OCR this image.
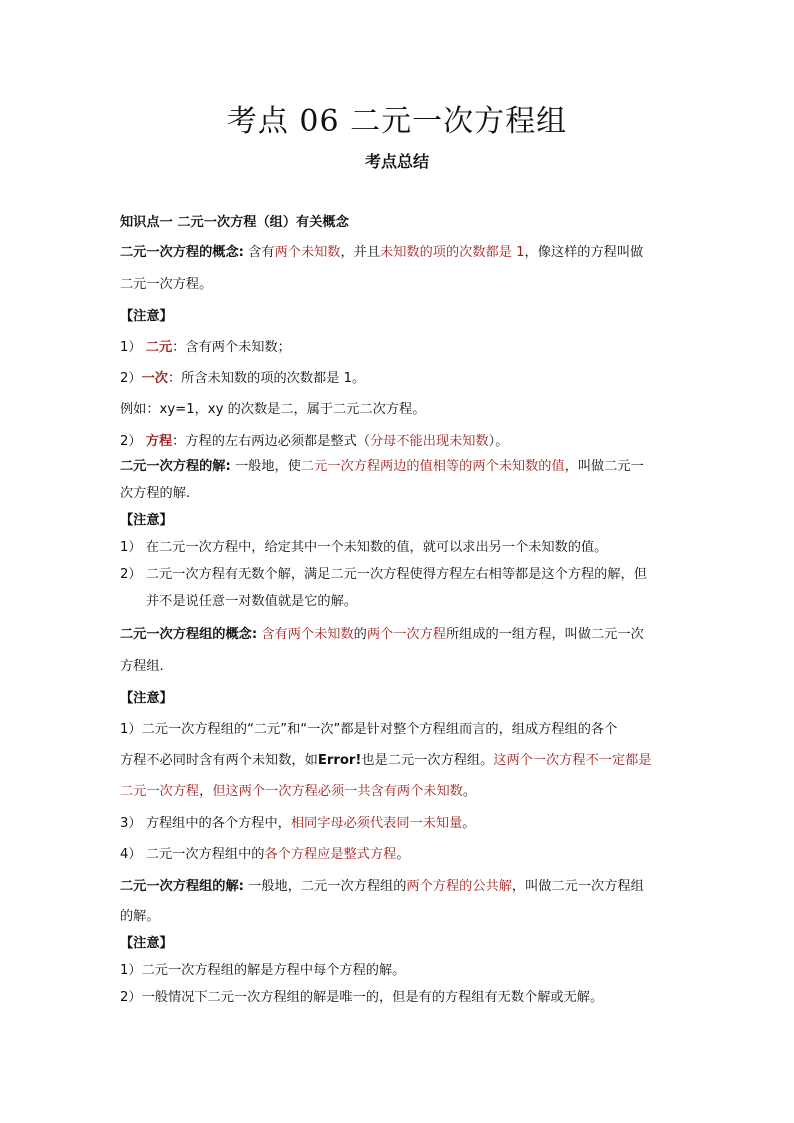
考点 06 二元一次方程组
考点总结
知识点一 二元一次方程（组）有关概念
二元一次方程的概念: 含有两个未知数，并且未知数的项的次数都是 1，像这样的方程叫做
二元一次方程。
【注意】
1） 二元：含有两个未知数；
2）一次：所含未知数的项的次数都是 1。
例如：xy=1，xy 的次数是二，属于二元二次方程。
2） 方程：方程的左右两边必须都是整式（分母不能出现未知数）。
二元一次方程的解: 一般地，使二元一次方程两边的值相等的两个未知数的值，叫做二元一
次方程的解.
【注意】
1） 在二元一次方程中，给定其中一个未知数的值，就可以求出另一个未知数的值。
2） 二元一次方程有无数个解，满足二元一次方程使得方程左右相等都是这个方程的解，但
并不是说任意一对数值就是它的解。
二元一次方程组的概念: 含有两个未知数的两个一次方程所组成的一组方程，叫做二元一次
方程组.
【注意】
1）二元一次方程组的“二元”和“一次”都是针对整个方程组而言的，组成方程组的各个
方程不必同时含有两个未知数，如Error!也是二元一次方程组。这两个一次方程不一定都是
二元一次方程，但这两个一次方程必须一共含有两个未知数。
3） 方程组中的各个方程中，相同字母必须代表同一未知量。
4） 二元一次方程组中的各个方程应是整式方程。
二元一次方程组的解: 一般地，二元一次方程组的两个方程的公共解，叫做二元一次方程组
的解。
【注意】
1）二元一次方程组的解是方程中每个方程的解。
2）一般情况下二元一次方程组的解是唯一的，但是有的方程组有无数个解或无解。
